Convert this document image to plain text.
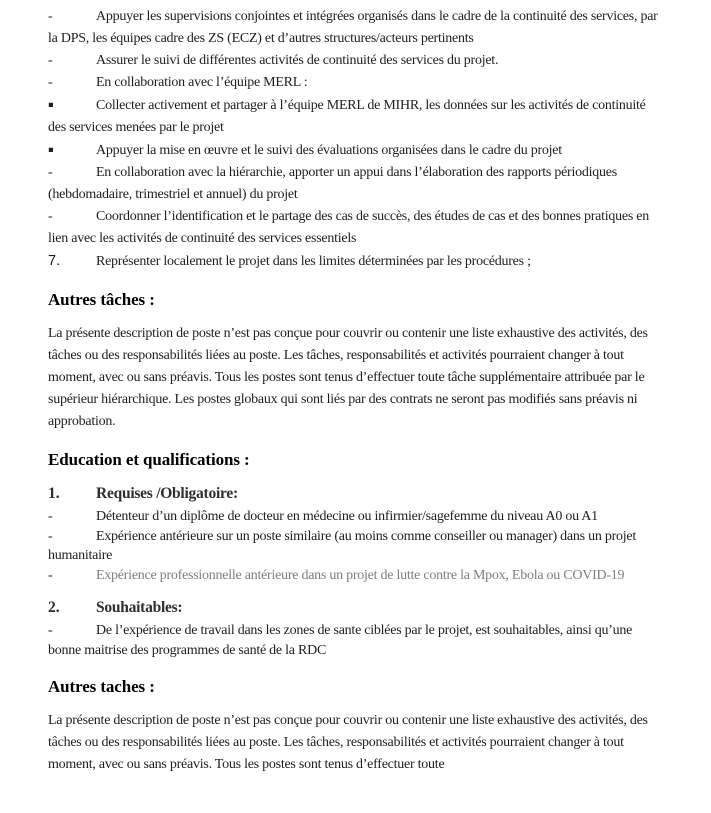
-	Appuyer les supervisions conjointes et intégrées organisés dans le cadre de la continuité des services, par la DPS, les équipes cadre des ZS (ECZ) et d’autres structures/acteurs pertinents

-	Assurer le suivi de différentes activités de continuité des services du projet.

-	En collaboration avec l’équipe MERL :

▪	Collecter activement et partager à l’équipe MERL de MIHR, les données sur les activités de continuité des services menées par le projet

▪	Appuyer la mise en œuvre et le suivi des évaluations organisées dans le cadre du projet

-	En collaboration avec la hiérarchie, apporter un appui dans l’élaboration des rapports périodiques (hebdomadaire, trimestriel et annuel) du projet

-	Coordonner l’identification et le partage des cas de succès, des études de cas et des bonnes pratiques en lien avec les activités de continuité des services essentiels

7.	Représenter localement le projet dans les limites déterminées par les procédures ;

Autres tâches :

La présente description de poste n’est pas conçue pour couvrir ou contenir une liste exhaustive des activités, des tâches ou des responsabilités liées au poste. Les tâches, responsabilités et activités pourraient changer à tout moment, avec ou sans préavis. Tous les postes sont tenus d’effectuer toute tâche supplémentaire attribuée par le supérieur hiérarchique. Les postes globaux qui sont liés par des contrats ne seront pas modifiés sans préavis ni approbation.

Education et qualifications :
1. Requises /Obligatoire:

-	Détenteur d’un diplôme de docteur en médecine ou infirmier/sagefemme du niveau A0 ou A1

-	Expérience antérieure sur un poste similaire (au moins comme conseiller ou manager) dans un projet humanitaire

-	Expérience professionnelle antérieure dans un projet de lutte contre la Mpox, Ebola ou COVID-19

2. Souhaitables:

-	De l’expérience de travail dans les zones de sante ciblées par le projet, est souhaitables, ainsi qu’une bonne maitrise des programmes de santé de la RDC

Autres taches :

La présente description de poste n’est pas conçue pour couvrir ou contenir une liste exhaustive des activités, des tâches ou des responsabilités liées au poste. Les tâches, responsabilités et activités pourraient changer à tout moment, avec ou sans préavis. Tous les postes sont tenus d’effectuer toute
